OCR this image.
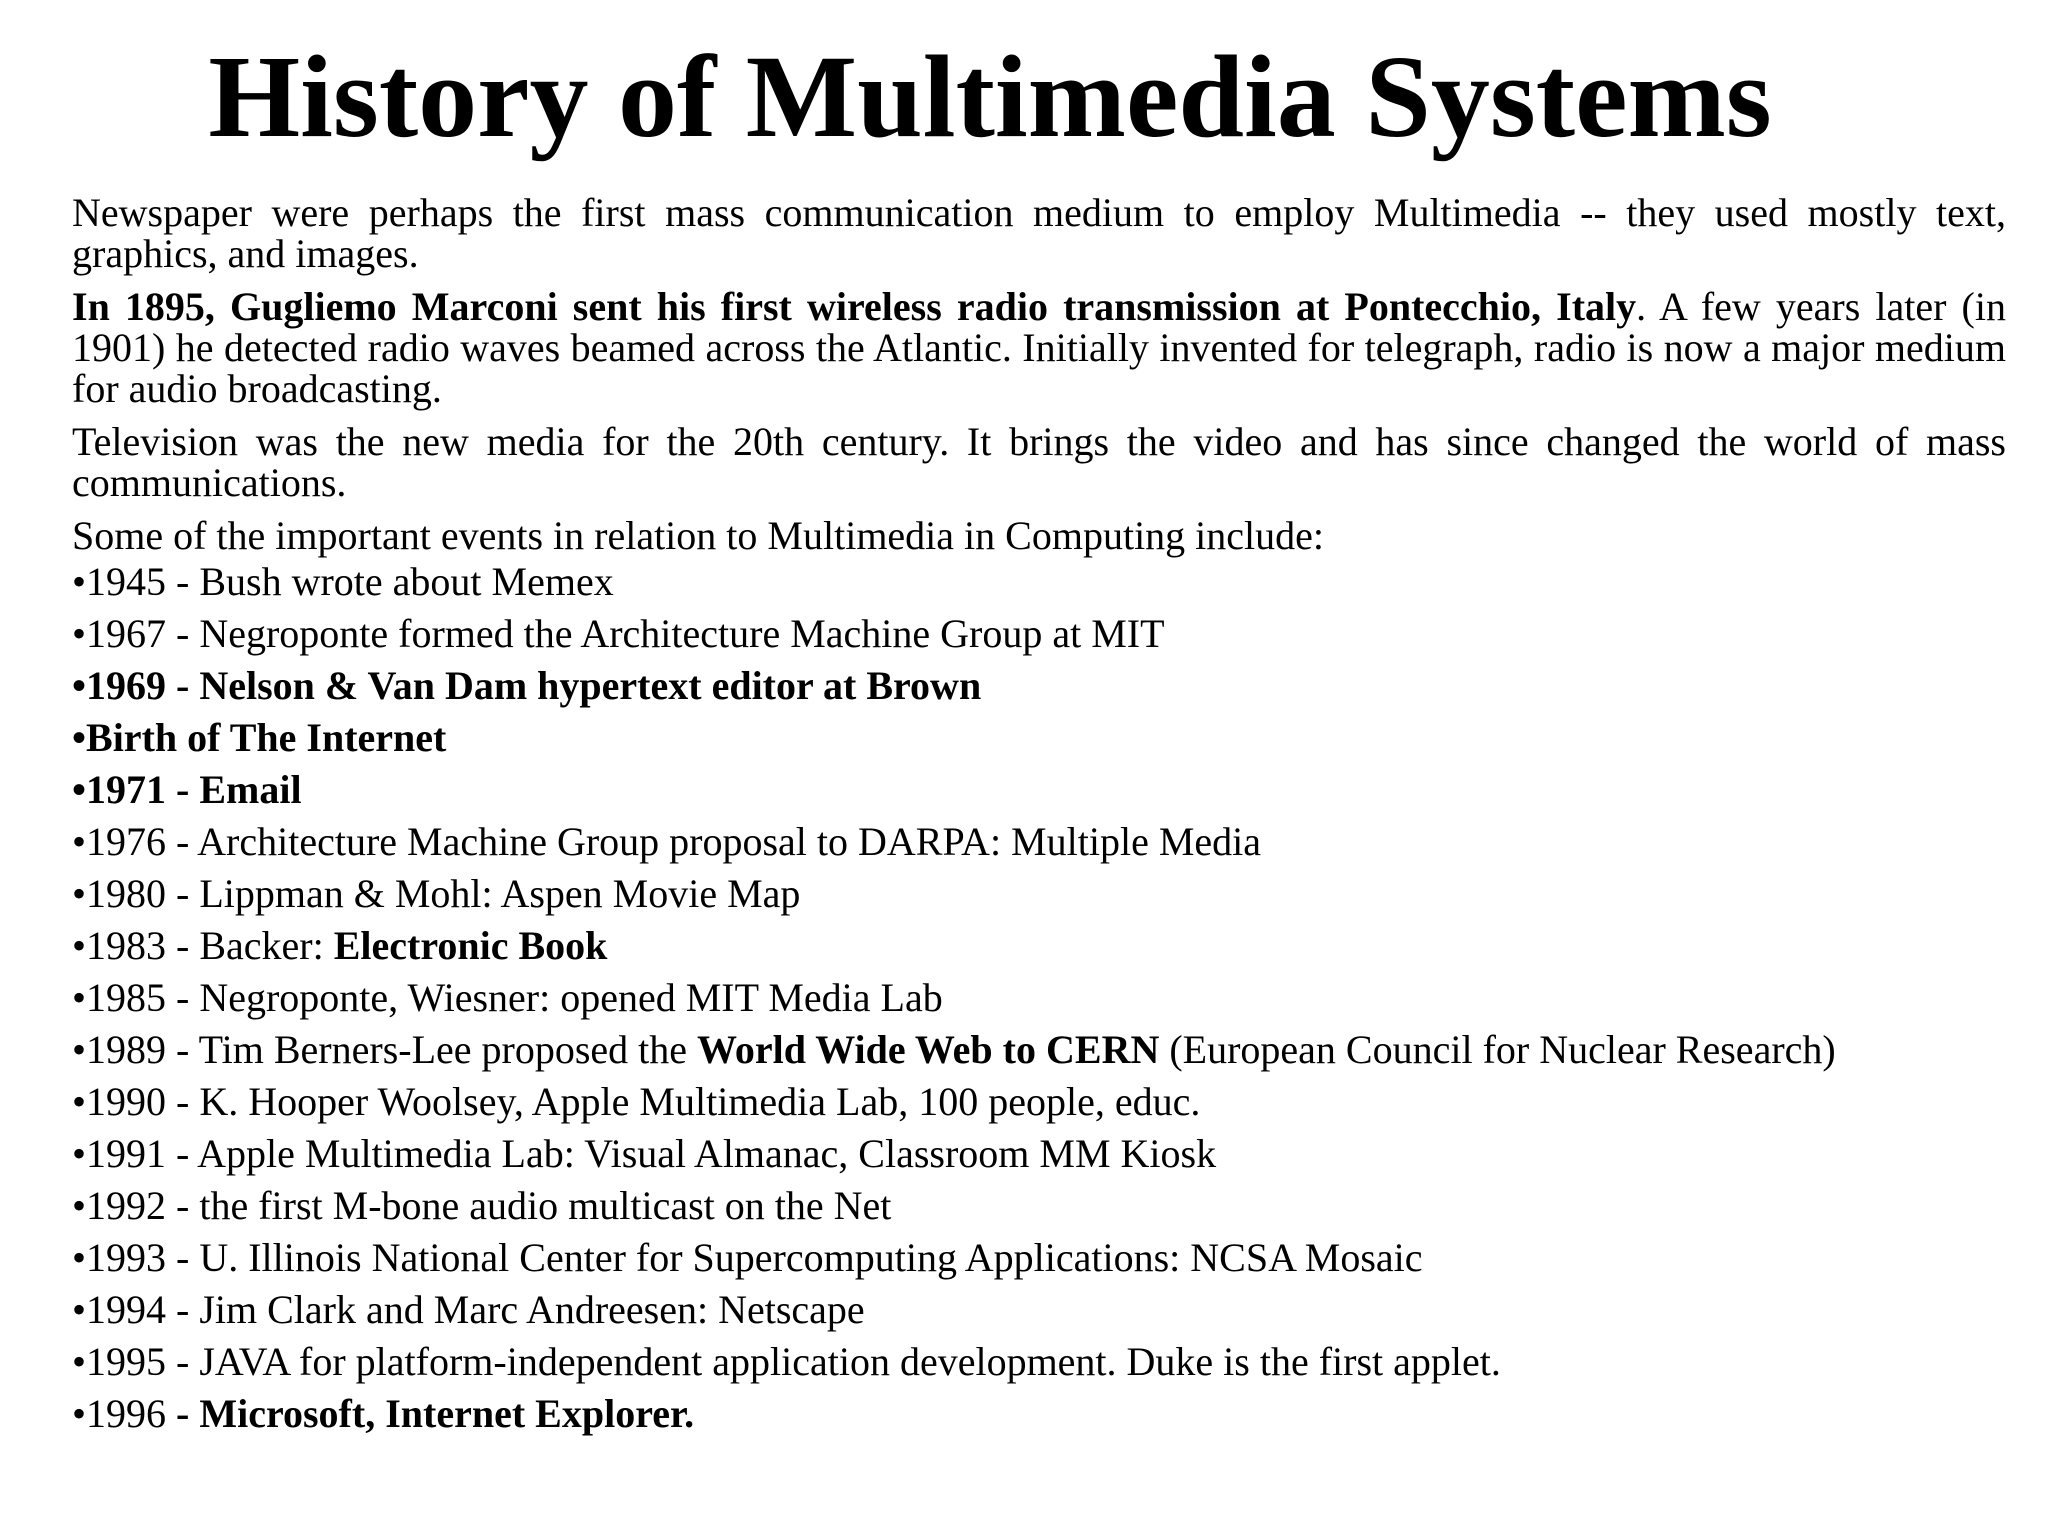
History of Multimedia Systems

Newspaper were perhaps the first mass communication medium to employ Multimedia -- they used mostly text, graphics, and images.

In 1895, Gugliemo Marconi sent his first wireless radio transmission at Pontecchio, Italy. A few years later (in 1901) he detected radio waves beamed across the Atlantic. Initially invented for telegraph, radio is now a major medium for audio broadcasting.

Television was the new media for the 20th century. It brings the video and has since changed the world of mass communications.

Some of the important events in relation to Multimedia in Computing include:

•1945 - Bush wrote about Memex
•1967 - Negroponte formed the Architecture Machine Group at MIT
•1969 - Nelson & Van Dam hypertext editor at Brown
•Birth of The Internet
•1971 - Email
•1976 - Architecture Machine Group proposal to DARPA: Multiple Media
•1980 - Lippman & Mohl: Aspen Movie Map
•1983 - Backer: Electronic Book
•1985 - Negroponte, Wiesner: opened MIT Media Lab
•1989 - Tim Berners-Lee proposed the World Wide Web to CERN (European Council for Nuclear Research)
•1990 - K. Hooper Woolsey, Apple Multimedia Lab, 100 people, educ.
•1991 - Apple Multimedia Lab: Visual Almanac, Classroom MM Kiosk
•1992 - the first M-bone audio multicast on the Net
•1993 - U. Illinois National Center for Supercomputing Applications: NCSA Mosaic
•1994 - Jim Clark and Marc Andreesen: Netscape
•1995 - JAVA for platform-independent application development. Duke is the first applet.
•1996 - Microsoft, Internet Explorer.
